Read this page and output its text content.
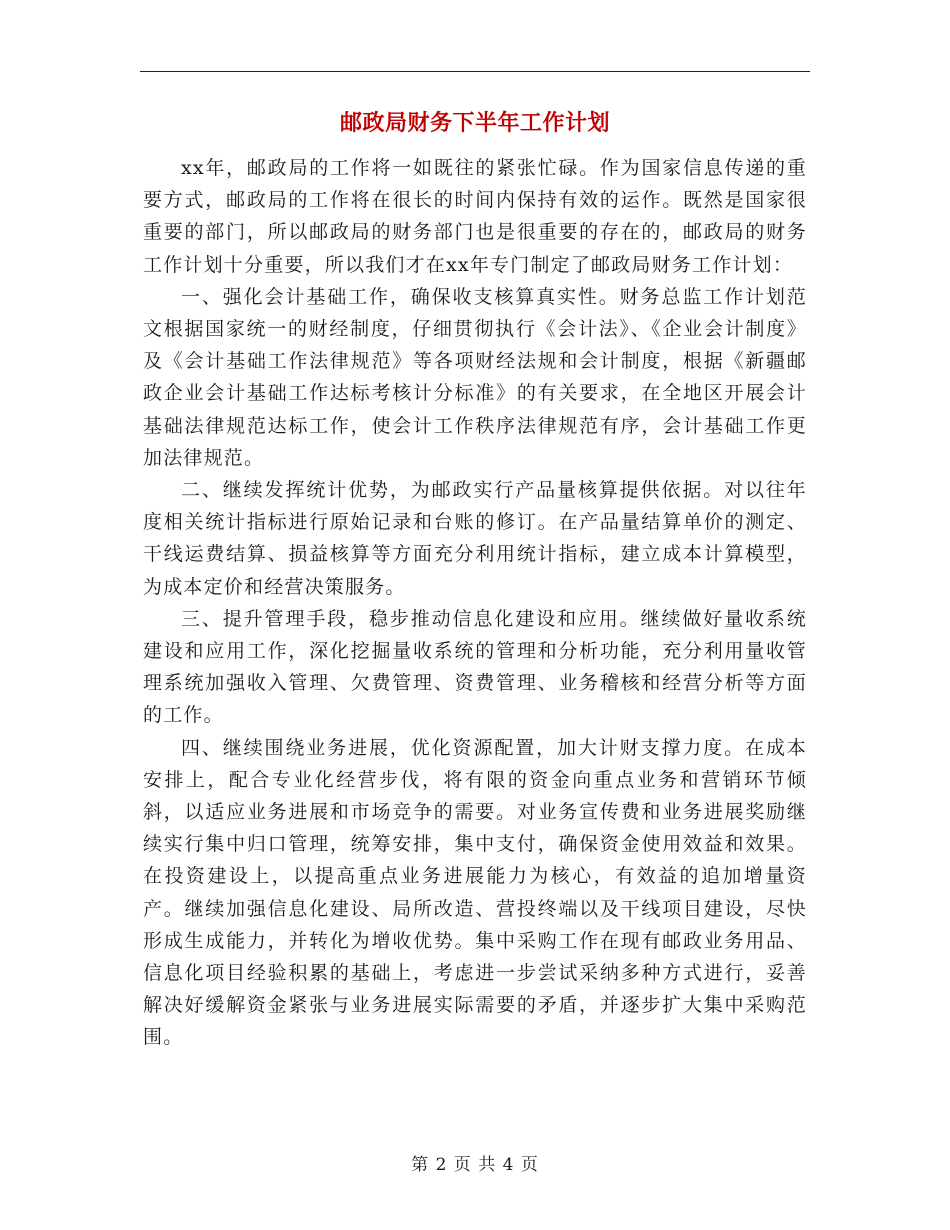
邮政局财务下半年工作计划

xx年，邮政局的工作将一如既往的紧张忙碌。作为国家信息传递的重要方式，邮政局的工作将在很长的时间内保持有效的运作。既然是国家很重要的部门，所以邮政局的财务部门也是很重要的存在的，邮政局的财务工作计划十分重要，所以我们才在xx年专门制定了邮政局财务工作计划：

一、强化会计基础工作，确保收支核算真实性。财务总监工作计划范文根据国家统一的财经制度，仔细贯彻执行《会计法》、《企业会计制度》及《会计基础工作法律规范》等各项财经法规和会计制度，根据《新疆邮政企业会计基础工作达标考核计分标准》的有关要求，在全地区开展会计基础法律规范达标工作，使会计工作秩序法律规范有序，会计基础工作更加法律规范。

二、继续发挥统计优势，为邮政实行产品量核算提供依据。对以往年度相关统计指标进行原始记录和台账的修订。在产品量结算单价的测定、干线运费结算、损益核算等方面充分利用统计指标，建立成本计算模型，为成本定价和经营决策服务。

三、提升管理手段，稳步推动信息化建设和应用。继续做好量收系统建设和应用工作，深化挖掘量收系统的管理和分析功能，充分利用量收管理系统加强收入管理、欠费管理、资费管理、业务稽核和经营分析等方面的工作。

四、继续围绕业务进展，优化资源配置，加大计财支撑力度。在成本安排上，配合专业化经营步伐，将有限的资金向重点业务和营销环节倾斜，以适应业务进展和市场竞争的需要。对业务宣传费和业务进展奖励继续实行集中归口管理，统筹安排，集中支付，确保资金使用效益和效果。在投资建设上，以提高重点业务进展能力为核心，有效益的追加增量资产。继续加强信息化建设、局所改造、营投终端以及干线项目建设，尽快形成生成能力，并转化为增收优势。集中采购工作在现有邮政业务用品、信息化项目经验积累的基础上，考虑进一步尝试采纳多种方式进行，妥善解决好缓解资金紧张与业务进展实际需要的矛盾，并逐步扩大集中采购范围。

第 2 页 共 4 页
